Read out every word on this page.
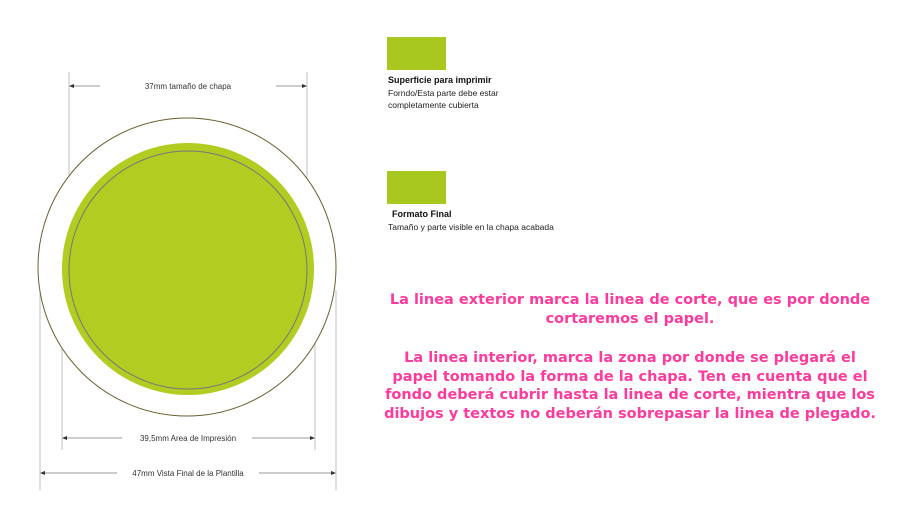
37mm tamaño de chapa
39,5mm Area de Impresión
47mm Vista Final de la Plantilla
Superficie para imprimir
Forndo/Esta parte debe estar completamente cubierta
Formato Final
Tamaño y parte visible en la chapa acabada
La linea exterior marca la linea de corte, que es por donde cortaremos el papel.
La linea interior, marca la zona por donde se plegará el papel tomando la forma de la chapa. Ten en cuenta que el fondo deberá cubrir hasta la linea de corte, mientra que los dibujos y textos no deberán sobrepasar la linea de plegado.
